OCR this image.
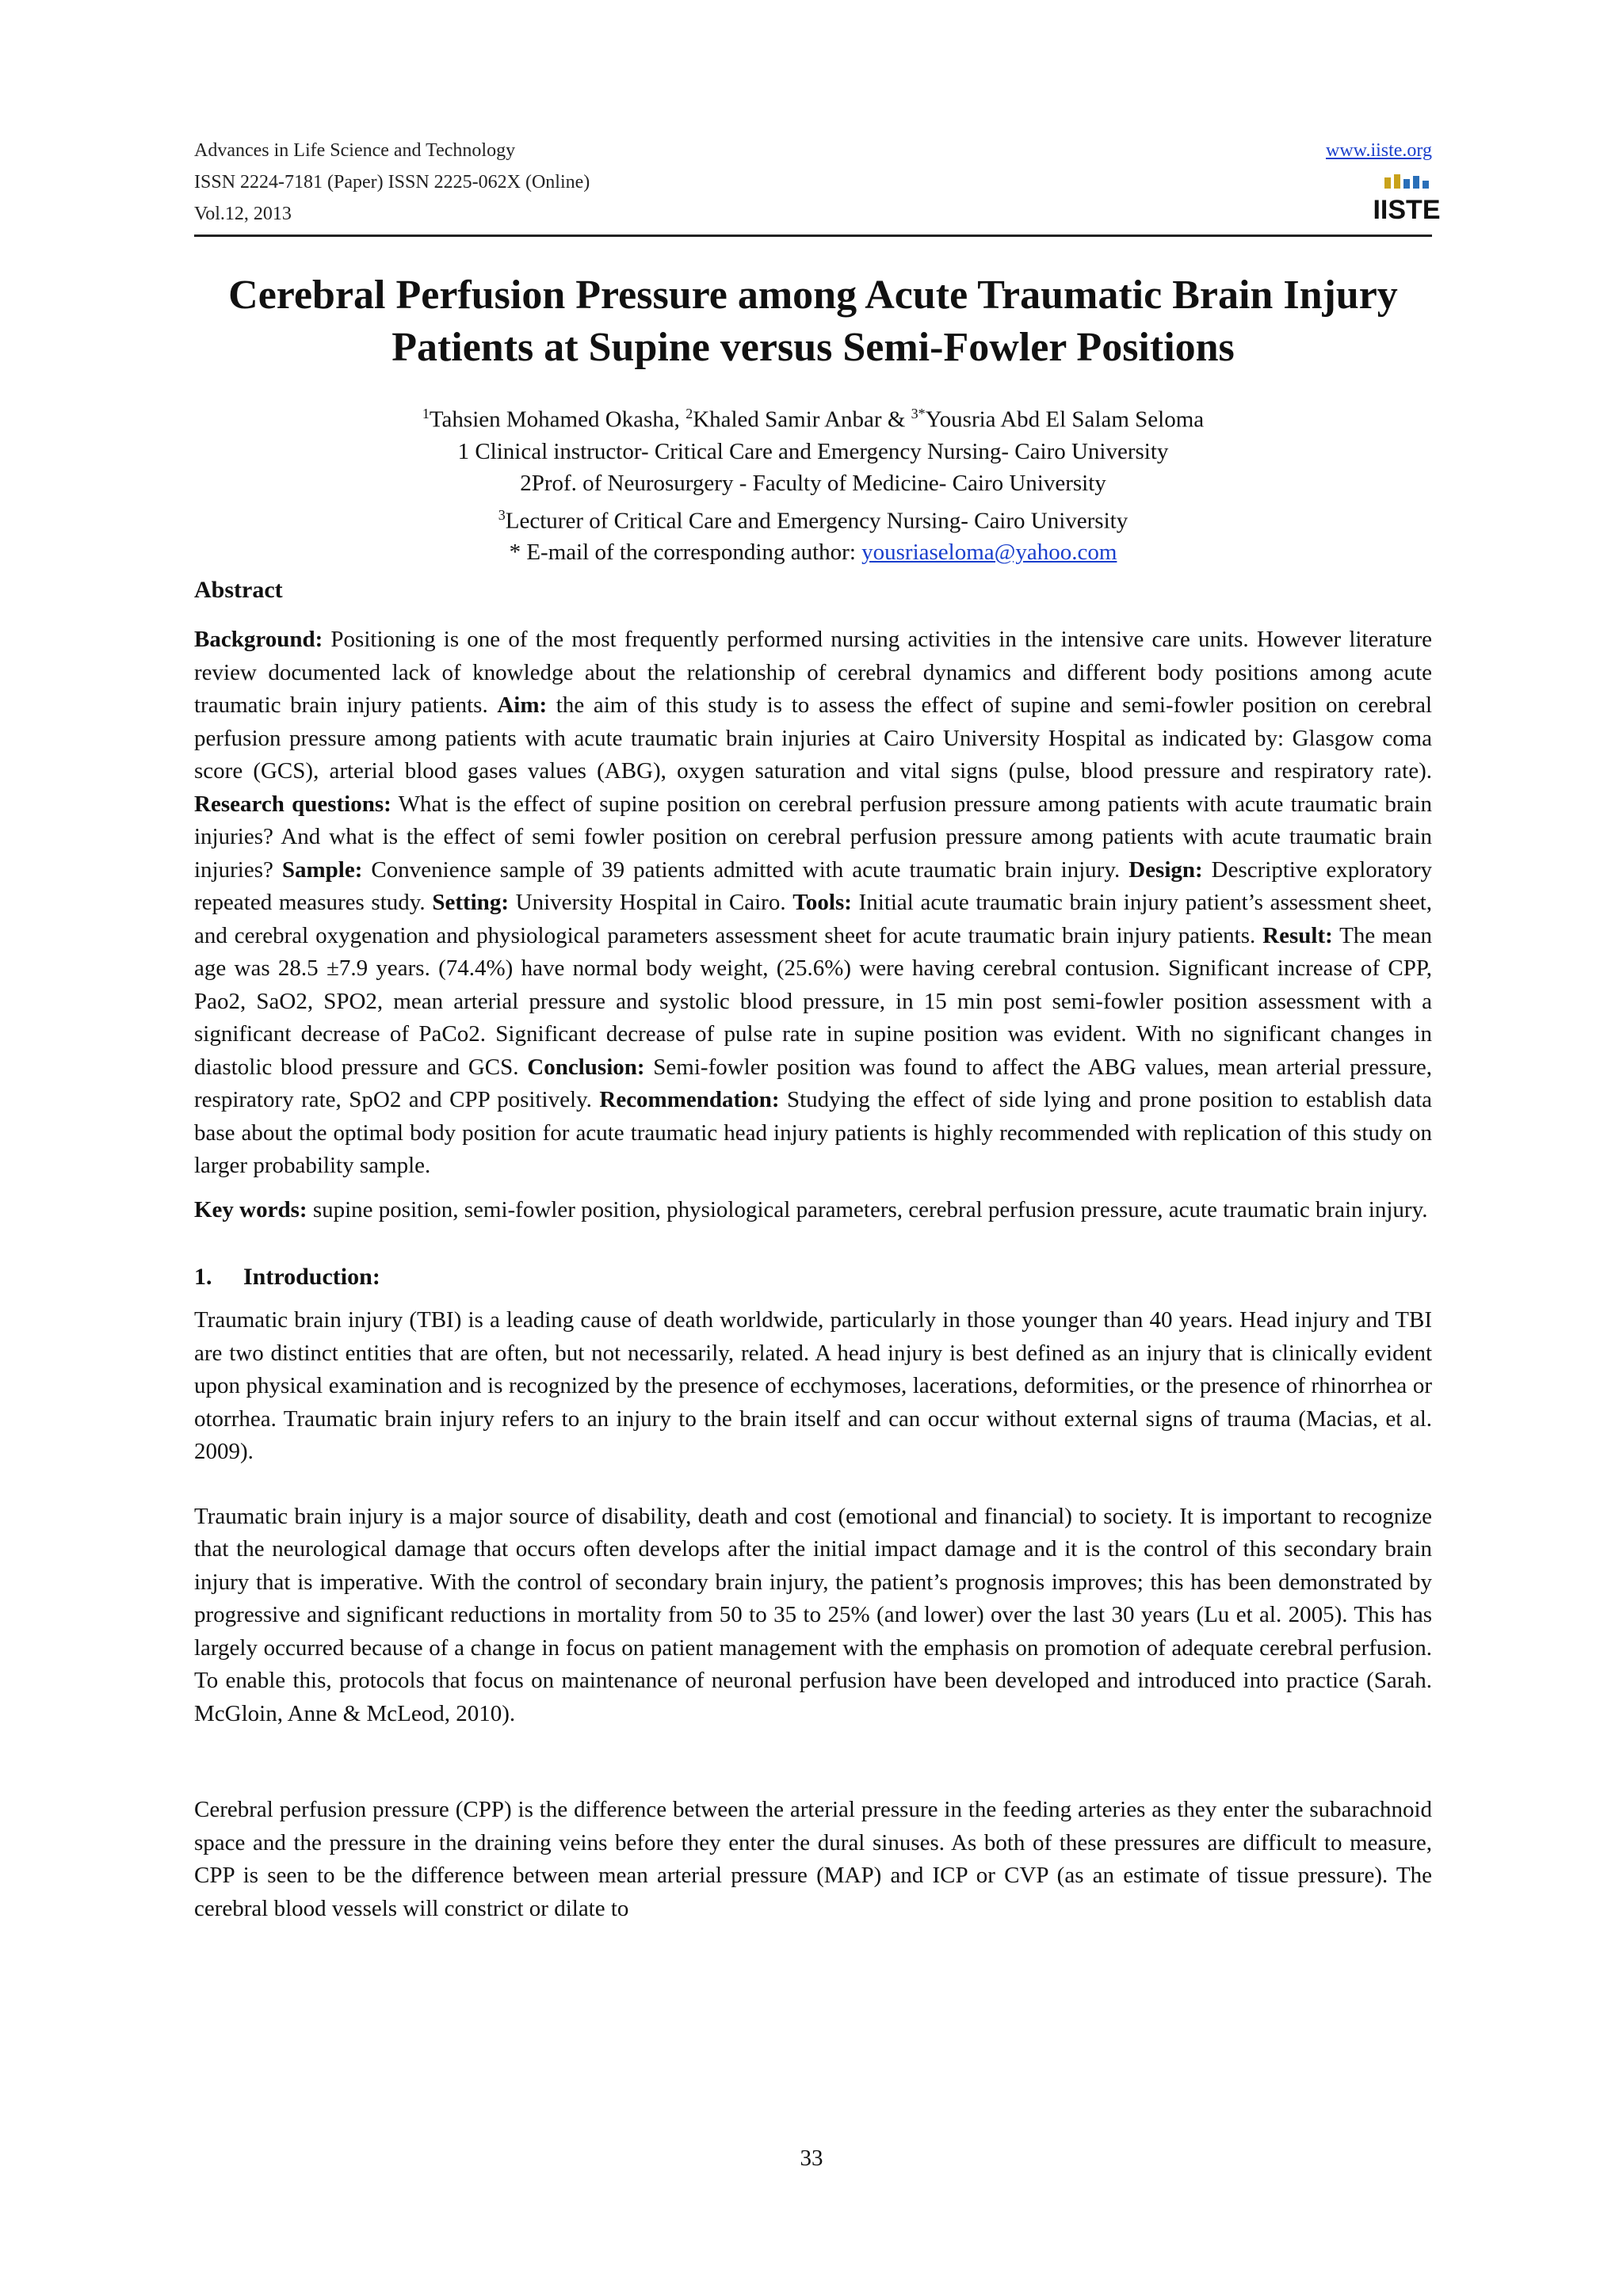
Advances in Life Science and Technology
ISSN 2224-7181 (Paper) ISSN 2225-062X (Online)
Vol.12, 2013
www.iiste.org
IISTE
Cerebral Perfusion Pressure among Acute Traumatic Brain Injury Patients at Supine versus Semi-Fowler Positions
$^1$Tahsien Mohamed Okasha, $^2$Khaled Samir Anbar & $^{3*}$Yousria Abd El Salam Seloma
1 Clinical instructor- Critical Care and Emergency Nursing- Cairo University
2Prof. of Neurosurgery - Faculty of Medicine- Cairo University
$^3$Lecturer of Critical Care and Emergency Nursing- Cairo University
* E-mail of the corresponding author: yousriaseloma@yahoo.com
Abstract

Background: Positioning is one of the most frequently performed nursing activities in the intensive care units. However literature review documented lack of knowledge about the relationship of cerebral dynamics and different body positions among acute traumatic brain injury patients. Aim: the aim of this study is to assess the effect of supine and semi-fowler position on cerebral perfusion pressure among patients with acute traumatic brain injuries at Cairo University Hospital as indicated by: Glasgow coma score (GCS), arterial blood gases values (ABG), oxygen saturation and vital signs (pulse, blood pressure and respiratory rate). Research questions: What is the effect of supine position on cerebral perfusion pressure among patients with acute traumatic brain injuries? And what is the effect of semi fowler position on cerebral perfusion pressure among patients with acute traumatic brain injuries? Sample: Convenience sample of 39 patients admitted with acute traumatic brain injury. Design: Descriptive exploratory repeated measures study. Setting: University Hospital in Cairo. Tools: Initial acute traumatic brain injury patient’s assessment sheet, and cerebral oxygenation and physiological parameters assessment sheet for acute traumatic brain injury patients. Result: The mean age was 28.5 ±7.9 years. (74.4%) have normal body weight, (25.6%) were having cerebral contusion. Significant increase of CPP, Pao2, SaO2, SPO2, mean arterial pressure and systolic blood pressure, in 15 min post semi-fowler position assessment with a significant decrease of PaCo2. Significant decrease of pulse rate in supine position was evident. With no significant changes in diastolic blood pressure and GCS. Conclusion: Semi-fowler position was found to affect the ABG values, mean arterial pressure, respiratory rate, SpO2 and CPP positively. Recommendation: Studying the effect of side lying and prone position to establish data base about the optimal body position for acute traumatic head injury patients is highly recommended with replication of this study on larger probability sample.

Key words: supine position, semi-fowler position, physiological parameters, cerebral perfusion pressure, acute traumatic brain injury.

1. Introduction:

Traumatic brain injury (TBI) is a leading cause of death worldwide, particularly in those younger than 40 years. Head injury and TBI are two distinct entities that are often, but not necessarily, related. A head injury is best defined as an injury that is clinically evident upon physical examination and is recognized by the presence of ecchymoses, lacerations, deformities, or the presence of rhinorrhea or otorrhea. Traumatic brain injury refers to an injury to the brain itself and can occur without external signs of trauma (Macias, et al. 2009).

Traumatic brain injury is a major source of disability, death and cost (emotional and financial) to society. It is important to recognize that the neurological damage that occurs often develops after the initial impact damage and it is the control of this secondary brain injury that is imperative. With the control of secondary brain injury, the patient’s prognosis improves; this has been demonstrated by progressive and significant reductions in mortality from 50 to 35 to 25% (and lower) over the last 30 years (Lu et al. 2005). This has largely occurred because of a change in focus on patient management with the emphasis on promotion of adequate cerebral perfusion. To enable this, protocols that focus on maintenance of neuronal perfusion have been developed and introduced into practice (Sarah. McGloin, Anne & McLeod, 2010).

Cerebral perfusion pressure (CPP) is the difference between the arterial pressure in the feeding arteries as they enter the subarachnoid space and the pressure in the draining veins before they enter the dural sinuses. As both of these pressures are difficult to measure, CPP is seen to be the difference between mean arterial pressure (MAP) and ICP or CVP (as an estimate of tissue pressure). The cerebral blood vessels will constrict or dilate to

33
